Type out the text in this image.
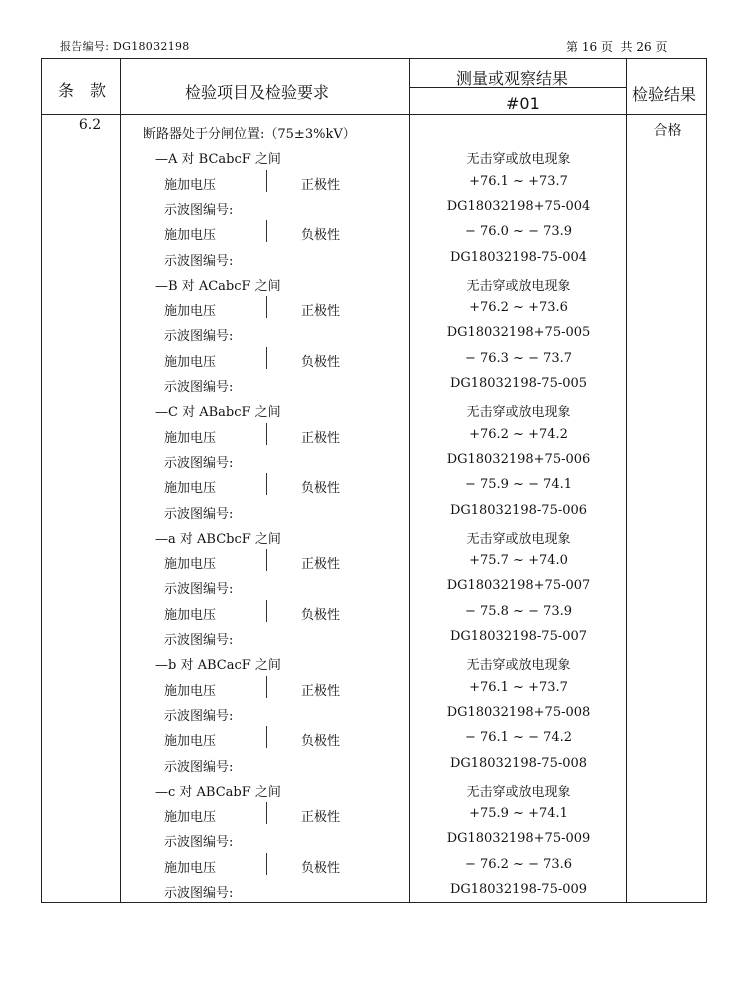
报告编号: DG18032198	第 16 页  共 26 页
条　款	检验项目及检验要求
测量或观察结果
#01	检验结果
6.2	合格
断路器处于分闸位置:（75±3%kV）
—A 对 BCabcF 之间	无击穿或放电现象
施加电压	正极性	+76.1 ~ +73.7
示波图编号:	DG18032198+75-004
施加电压	负极性	− 76.0 ~ − 73.9
示波图编号:	DG18032198-75-004
—B 对 ACabcF 之间	无击穿或放电现象
施加电压	正极性	+76.2 ~ +73.6
示波图编号:	DG18032198+75-005
施加电压	负极性	− 76.3 ~ − 73.7
示波图编号:	DG18032198-75-005
—C 对 ABabcF 之间	无击穿或放电现象
施加电压	正极性	+76.2 ~ +74.2
示波图编号:	DG18032198+75-006
施加电压	负极性	− 75.9 ~ − 74.1
示波图编号:	DG18032198-75-006
—a 对 ABCbcF 之间	无击穿或放电现象
施加电压	正极性	+75.7 ~ +74.0
示波图编号:	DG18032198+75-007
施加电压	负极性	− 75.8 ~ − 73.9
示波图编号:	DG18032198-75-007
—b 对 ABCacF 之间	无击穿或放电现象
施加电压	正极性	+76.1 ~ +73.7
示波图编号:	DG18032198+75-008
施加电压	负极性	− 76.1 ~ − 74.2
示波图编号:	DG18032198-75-008
—c 对 ABCabF 之间	无击穿或放电现象
施加电压	正极性	+75.9 ~ +74.1
示波图编号:	DG18032198+75-009
施加电压	负极性	− 76.2 ~ − 73.6
示波图编号:	DG18032198-75-009
